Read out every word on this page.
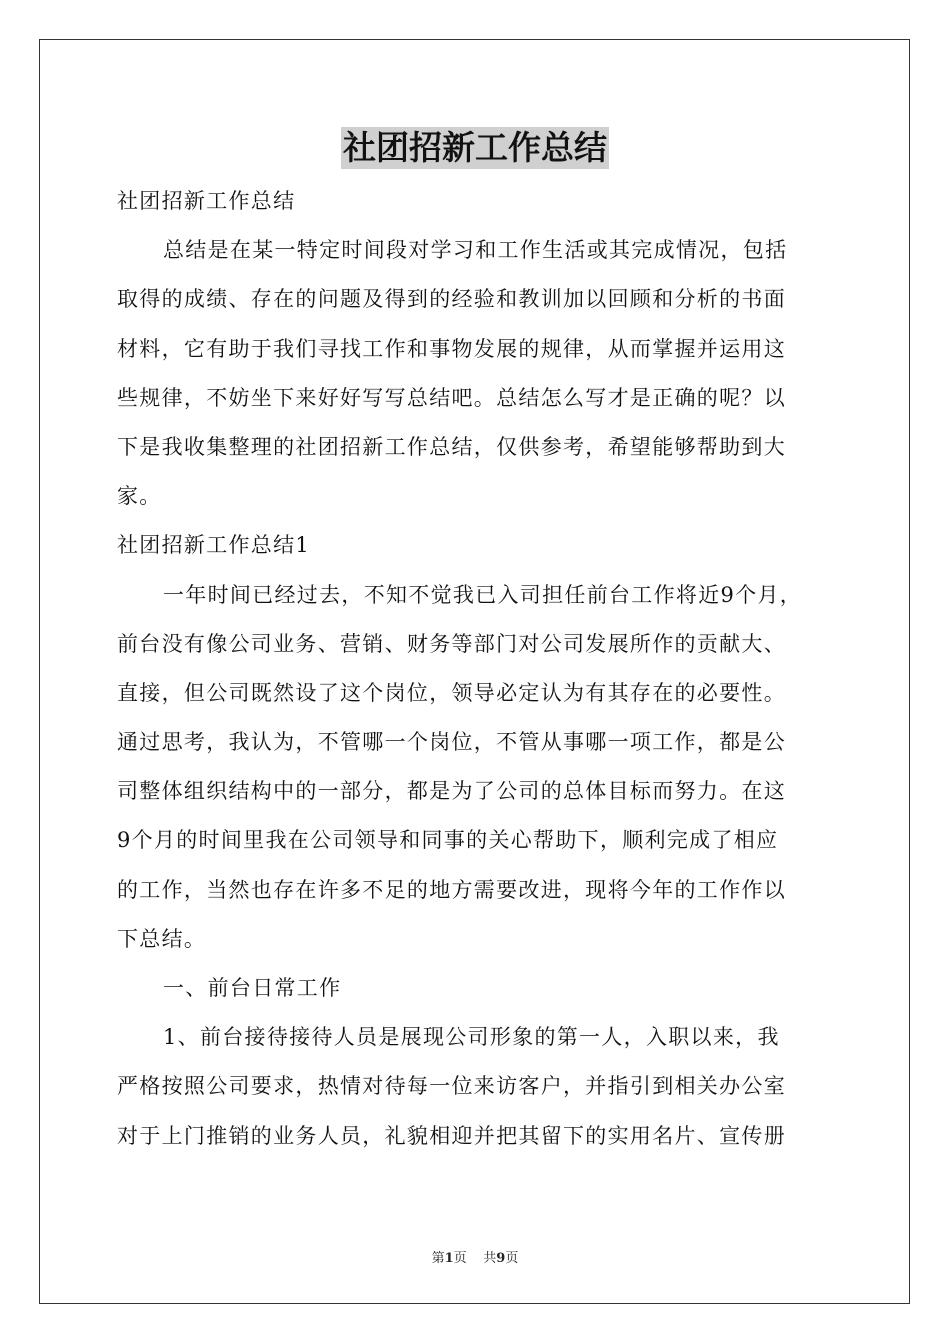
社团招新工作总结
社团招新工作总结
总结是在某一特定时间段对学习和工作生活或其完成情况，包括
取得的成绩、存在的问题及得到的经验和教训加以回顾和分析的书面
材料，它有助于我们寻找工作和事物发展的规律，从而掌握并运用这
些规律，不妨坐下来好好写写总结吧。总结怎么写才是正确的呢？以
下是我收集整理的社团招新工作总结，仅供参考，希望能够帮助到大
家。
社团招新工作总结1
一年时间已经过去，不知不觉我已入司担任前台工作将近9个月，
前台没有像公司业务、营销、财务等部门对公司发展所作的贡献大、
直接，但公司既然设了这个岗位，领导必定认为有其存在的必要性。
通过思考，我认为，不管哪一个岗位，不管从事哪一项工作，都是公
司整体组织结构中的一部分，都是为了公司的总体目标而努力。在这
9个月的时间里我在公司领导和同事的关心帮助下，顺利完成了相应
的工作，当然也存在许多不足的地方需要改进，现将今年的工作作以
下总结。
一、前台日常工作
1、前台接待接待人员是展现公司形象的第一人，入职以来，我
严格按照公司要求，热情对待每一位来访客户，并指引到相关办公室
对于上门推销的业务人员，礼貌相迎并把其留下的实用名片、宣传册
第1页 共9页
